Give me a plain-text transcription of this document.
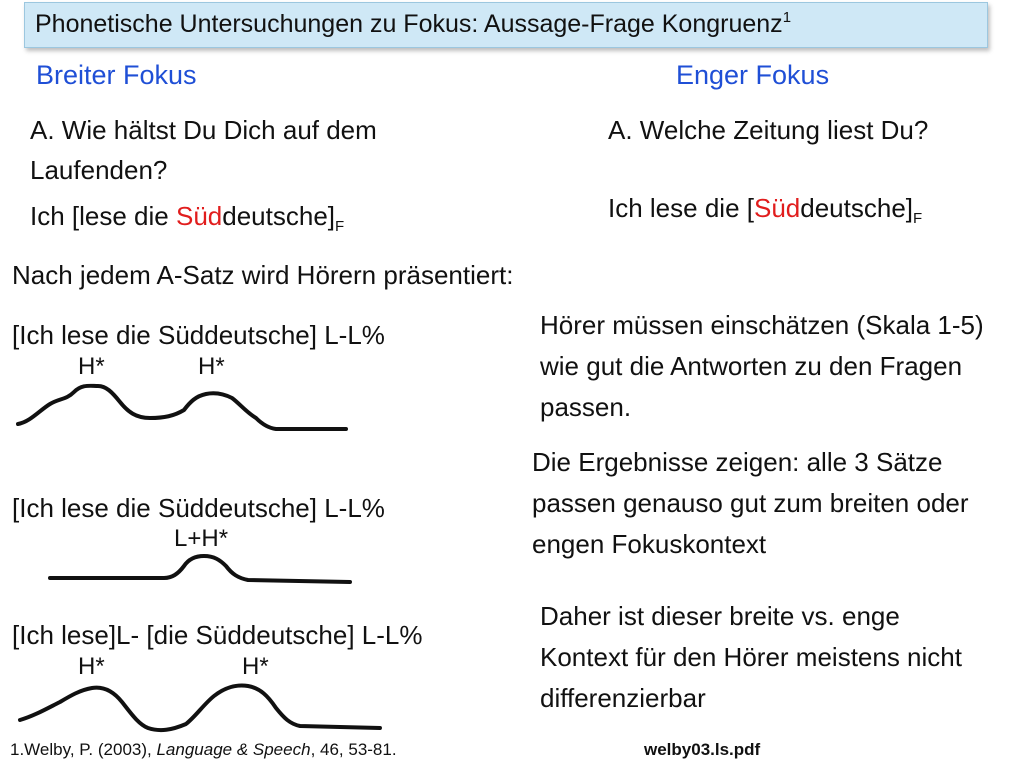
Phonetische Untersuchungen zu Fokus: Aussage-Frage Kongruenz$^1$
Breiter Fokus	Enger Fokus
A. Wie hältst Du Dich auf dem
Laufenden?
Ich [lese die $Süddeutsche]_F$
A. Welche Zeitung liest Du?
Ich lese die $[Süddeutsche]_F$
Nach jedem A-Satz wird Hörern präsentiert:
[Ich lese die Süddeutsche] L-L%
H*	H*
[Ich lese die Süddeutsche] L-L%
L+H*
[Ich lese]L- [die Süddeutsche] L-L%
H*	H*
Hörer müssen einschätzen (Skala 1-5) wie gut die Antworten zu den Fragen passen.
Die Ergebnisse zeigen: alle 3 Sätze passen genauso gut zum breiten oder engen Fokuskontext
Daher ist dieser breite vs. enge Kontext für den Hörer meistens nicht differenzierbar
1.Welby, P. (2003), Language & Speech, 46, 53-81.	welby03.ls.pdf
